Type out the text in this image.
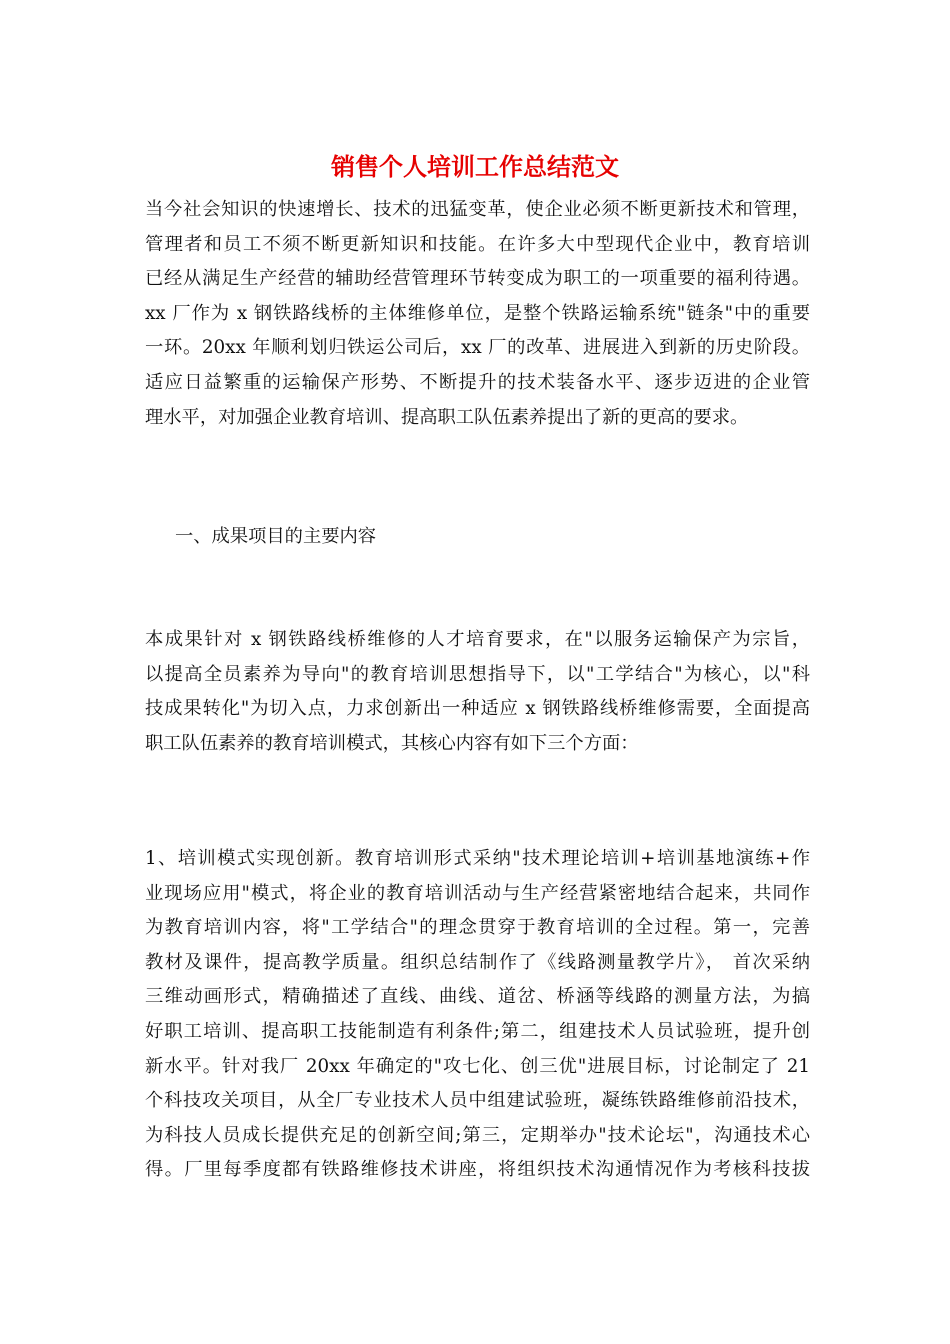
销售个人培训工作总结范文
当今社会知识的快速增长、技术的迅猛变革，使企业必须不断更新技术和管理，
管理者和员工不须不断更新知识和技能。在许多大中型现代企业中，教育培训
已经从满足生产经营的辅助经营管理环节转变成为职工的一项重要的福利待遇。
xx 厂作为 x 钢铁路线桥的主体维修单位，是整个铁路运输系统"链条"中的重要
一环。20xx 年顺利划归铁运公司后，xx 厂的改革、进展进入到新的历史阶段。
适应日益繁重的运输保产形势、不断提升的技术装备水平、逐步迈进的企业管
理水平，对加强企业教育培训、提高职工队伍素养提出了新的更高的要求。
一、成果项目的主要内容
本成果针对 x 钢铁路线桥维修的人才培育要求，在"以服务运输保产为宗旨，
以提高全员素养为导向"的教育培训思想指导下，以"工学结合"为核心，以"科
技成果转化"为切入点，力求创新出一种适应 x 钢铁路线桥维修需要，全面提高
职工队伍素养的教育培训模式，其核心内容有如下三个方面：
1、培训模式实现创新。教育培训形式采纳"技术理论培训+培训基地演练+作
业现场应用"模式，将企业的教育培训活动与生产经营紧密地结合起来，共同作
为教育培训内容，将"工学结合"的理念贯穿于教育培训的全过程。第一，完善
教材及课件，提高教学质量。组织总结制作了《线路测量教学片》， 首次采纳
三维动画形式，精确描述了直线、曲线、道岔、桥涵等线路的测量方法，为搞
好职工培训、提高职工技能制造有利条件;第二，组建技术人员试验班，提升创
新水平。针对我厂 20xx 年确定的"攻七化、创三优"进展目标，讨论制定了 21
个科技攻关项目，从全厂专业技术人员中组建试验班，凝练铁路维修前沿技术，
为科技人员成长提供充足的创新空间;第三，定期举办"技术论坛"，沟通技术心
得。厂里每季度都有铁路维修技术讲座，将组织技术沟通情况作为考核科技拔
